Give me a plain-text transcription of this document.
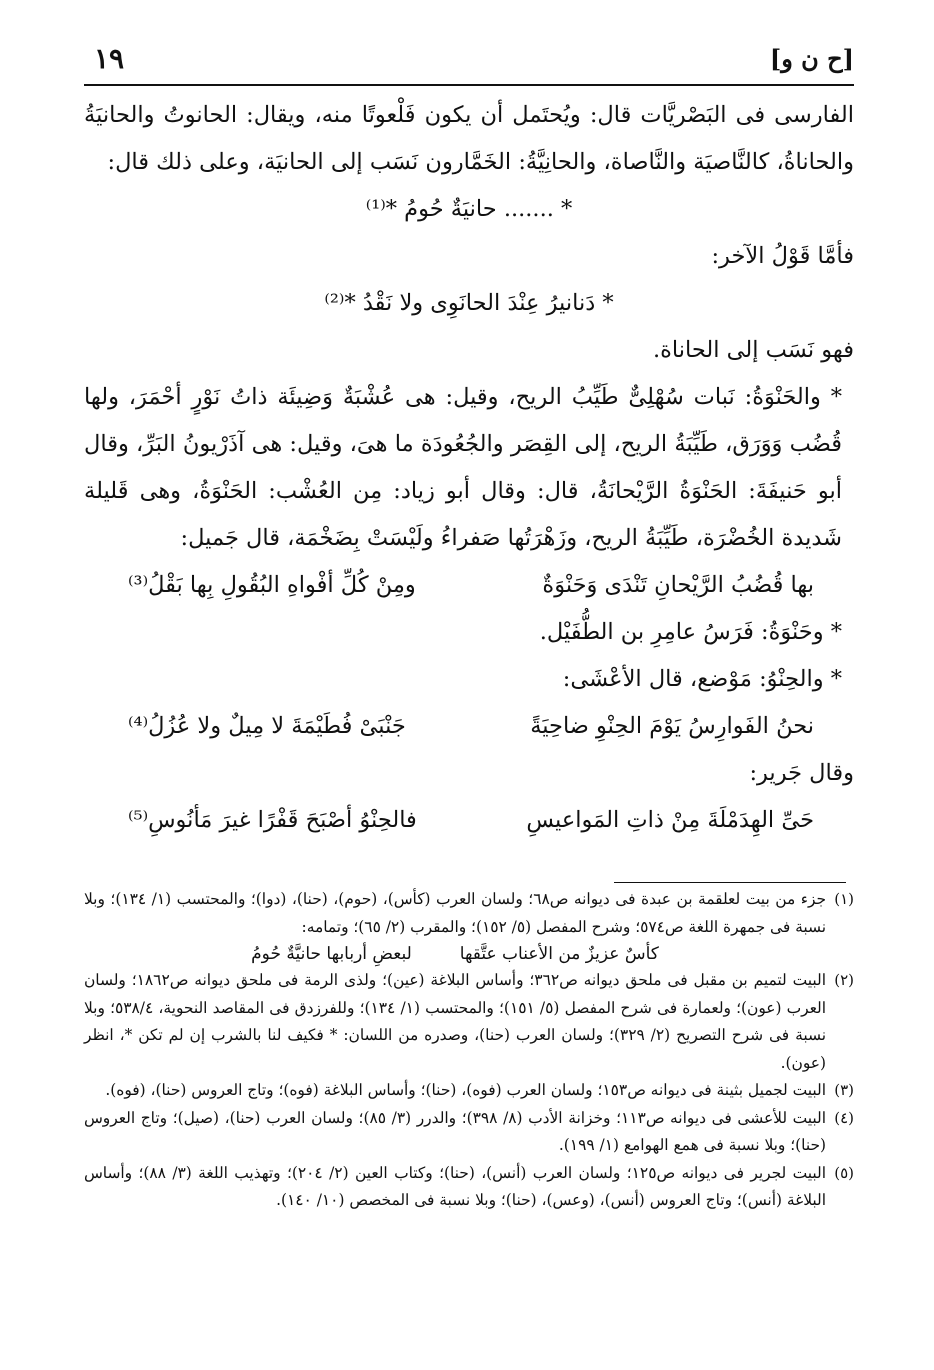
[ح ن و]
١٩

الفارسى فى البَصْريَّات قال: ويُحتَمل أن يكون فَلْعوتًا منه، ويقال: الحانوتُ والحانيَةُ والحاناةُ، كالنَّاصيَة والنَّاصاة، والحانِيَّةُ: الخَمَّارون نَسَب إلى الحانيَة، وعلى ذلك قال:

* ....... حانيَةٌ حُومُ *⁽¹⁾

فأمَّا قَوْلُ الآخر:

* دَنانيرُ عِنْدَ الحانَوِى ولا نَقْدُ *⁽²⁾

فهو نَسَب إلى الحاناة.

* والحَنْوَةُ: نَبات سُهْلِىٌّ طَيِّبُ الريح، وقيل: هى عُشْبَةٌ وَضِيئَة ذاتُ نَوْرٍ أحْمَرَ، ولها قُضُب وَوَرَق، طَيِّبَةُ الريح، إلى القِصَر والجُعُودَة ما هىَ، وقيل: هى آذَرْيونُ البَرِّ، وقال أبو حَنيفَةَ: الحَنْوَةُ الرَّيْحانَةُ، قال: وقال أبو زياد: مِن العُشْب: الحَنْوَةُ، وهى قَليلة شَديدة الخُضْرَة، طَيِّبَةُ الريح، وزَهْرَتُها صَفراءُ ولَيْسَتْ بِضَخْمَة، قال جَميل:

بها قُضُبُ الرَّيْحانِ تَنْدَى وَحَنْوَةٌ
ومِنْ كُلِّ أفْواهِ البُقُولِ بِها بَقْلُ⁽³⁾

* وحَنْوَةُ: فَرَسُ عامِرِ بن الطُّفَيْل.

* والحِنْوُ: مَوْضع، قال الأعْشَى:

نحنُ الفَوارِسُ يَوْمَ الحِنْوِ ضاحِيَةً
جَنْبَىْ فُطَيْمَةَ لا مِيلٌ ولا عُزُلُ⁽⁴⁾

وقال جَرير:

حَىِّ الهِدَمْلَةَ مِنْ ذاتِ المَواعيسِ
فالحِنْوُ أصْبَحَ قَفْرًا غيرَ مَأنُوسِ⁽⁵⁾
(١)
جزء من بيت لعلقمة بن عبدة فى ديوانه ص٦٨؛ ولسان العرب (كأس)، (حوم)، (حنا)، (دوا)؛ والمحتسب (١/ ١٣٤)؛ وبلا نسبة فى جمهرة اللغة ص٥٧٤؛ وشرح المفصل (٥/ ١٥٢)؛ والمقرب (٢/ ٦٥)؛ وتمامه:
كأسٌ عزيزٌ من الأعناب عتَّقها
لبعضِ أربابها حانيَّةٌ حُومُ
(٢)
البيت لتميم بن مقبل فى ملحق ديوانه ص٣٦٢؛ وأساس البلاغة (عين)؛ ولذى الرمة فى ملحق ديوانه ص١٨٦٢؛ ولسان العرب (عون)؛ ولعمارة فى شرح المفصل (٥/ ١٥١)؛ والمحتسب (١/ ١٣٤)؛ وللفرزدق فى المقاصد النحوية، ٥٣٨/٤؛ وبلا نسبة فى شرح التصريح (٢/ ٣٢٩)؛ ولسان العرب (حنا)، وصدره من اللسان: * فكيف لنا بالشرب إن لم تكن *، انظر (عون).
(٣)
البيت لجميل بثينة فى ديوانه ص١٥٣؛ ولسان العرب (فوه)، (حنا)؛ وأساس البلاغة (فوه)؛ وتاج العروس (حنا)، (فوه).
(٤)
البيت للأعشى فى ديوانه ص١١٣؛ وخزانة الأدب (٨/ ٣٩٨)؛ والدرر (٣/ ٨٥)؛ ولسان العرب (حنا)، (صيل)؛ وتاج العروس (حنا)؛ وبلا نسبة فى همع الهوامع (١/ ١٩٩).
(٥)
البيت لجرير فى ديوانه ص١٢٥؛ ولسان العرب (أنس)، (حنا)؛ وكتاب العين (٢/ ٢٠٤)؛ وتهذيب اللغة (٣/ ٨٨)؛ وأساس البلاغة (أنس)؛ وتاج العروس (أنس)، (وعس)، (حنا)؛ وبلا نسبة فى المخصص (١٠/ ١٤٠).
